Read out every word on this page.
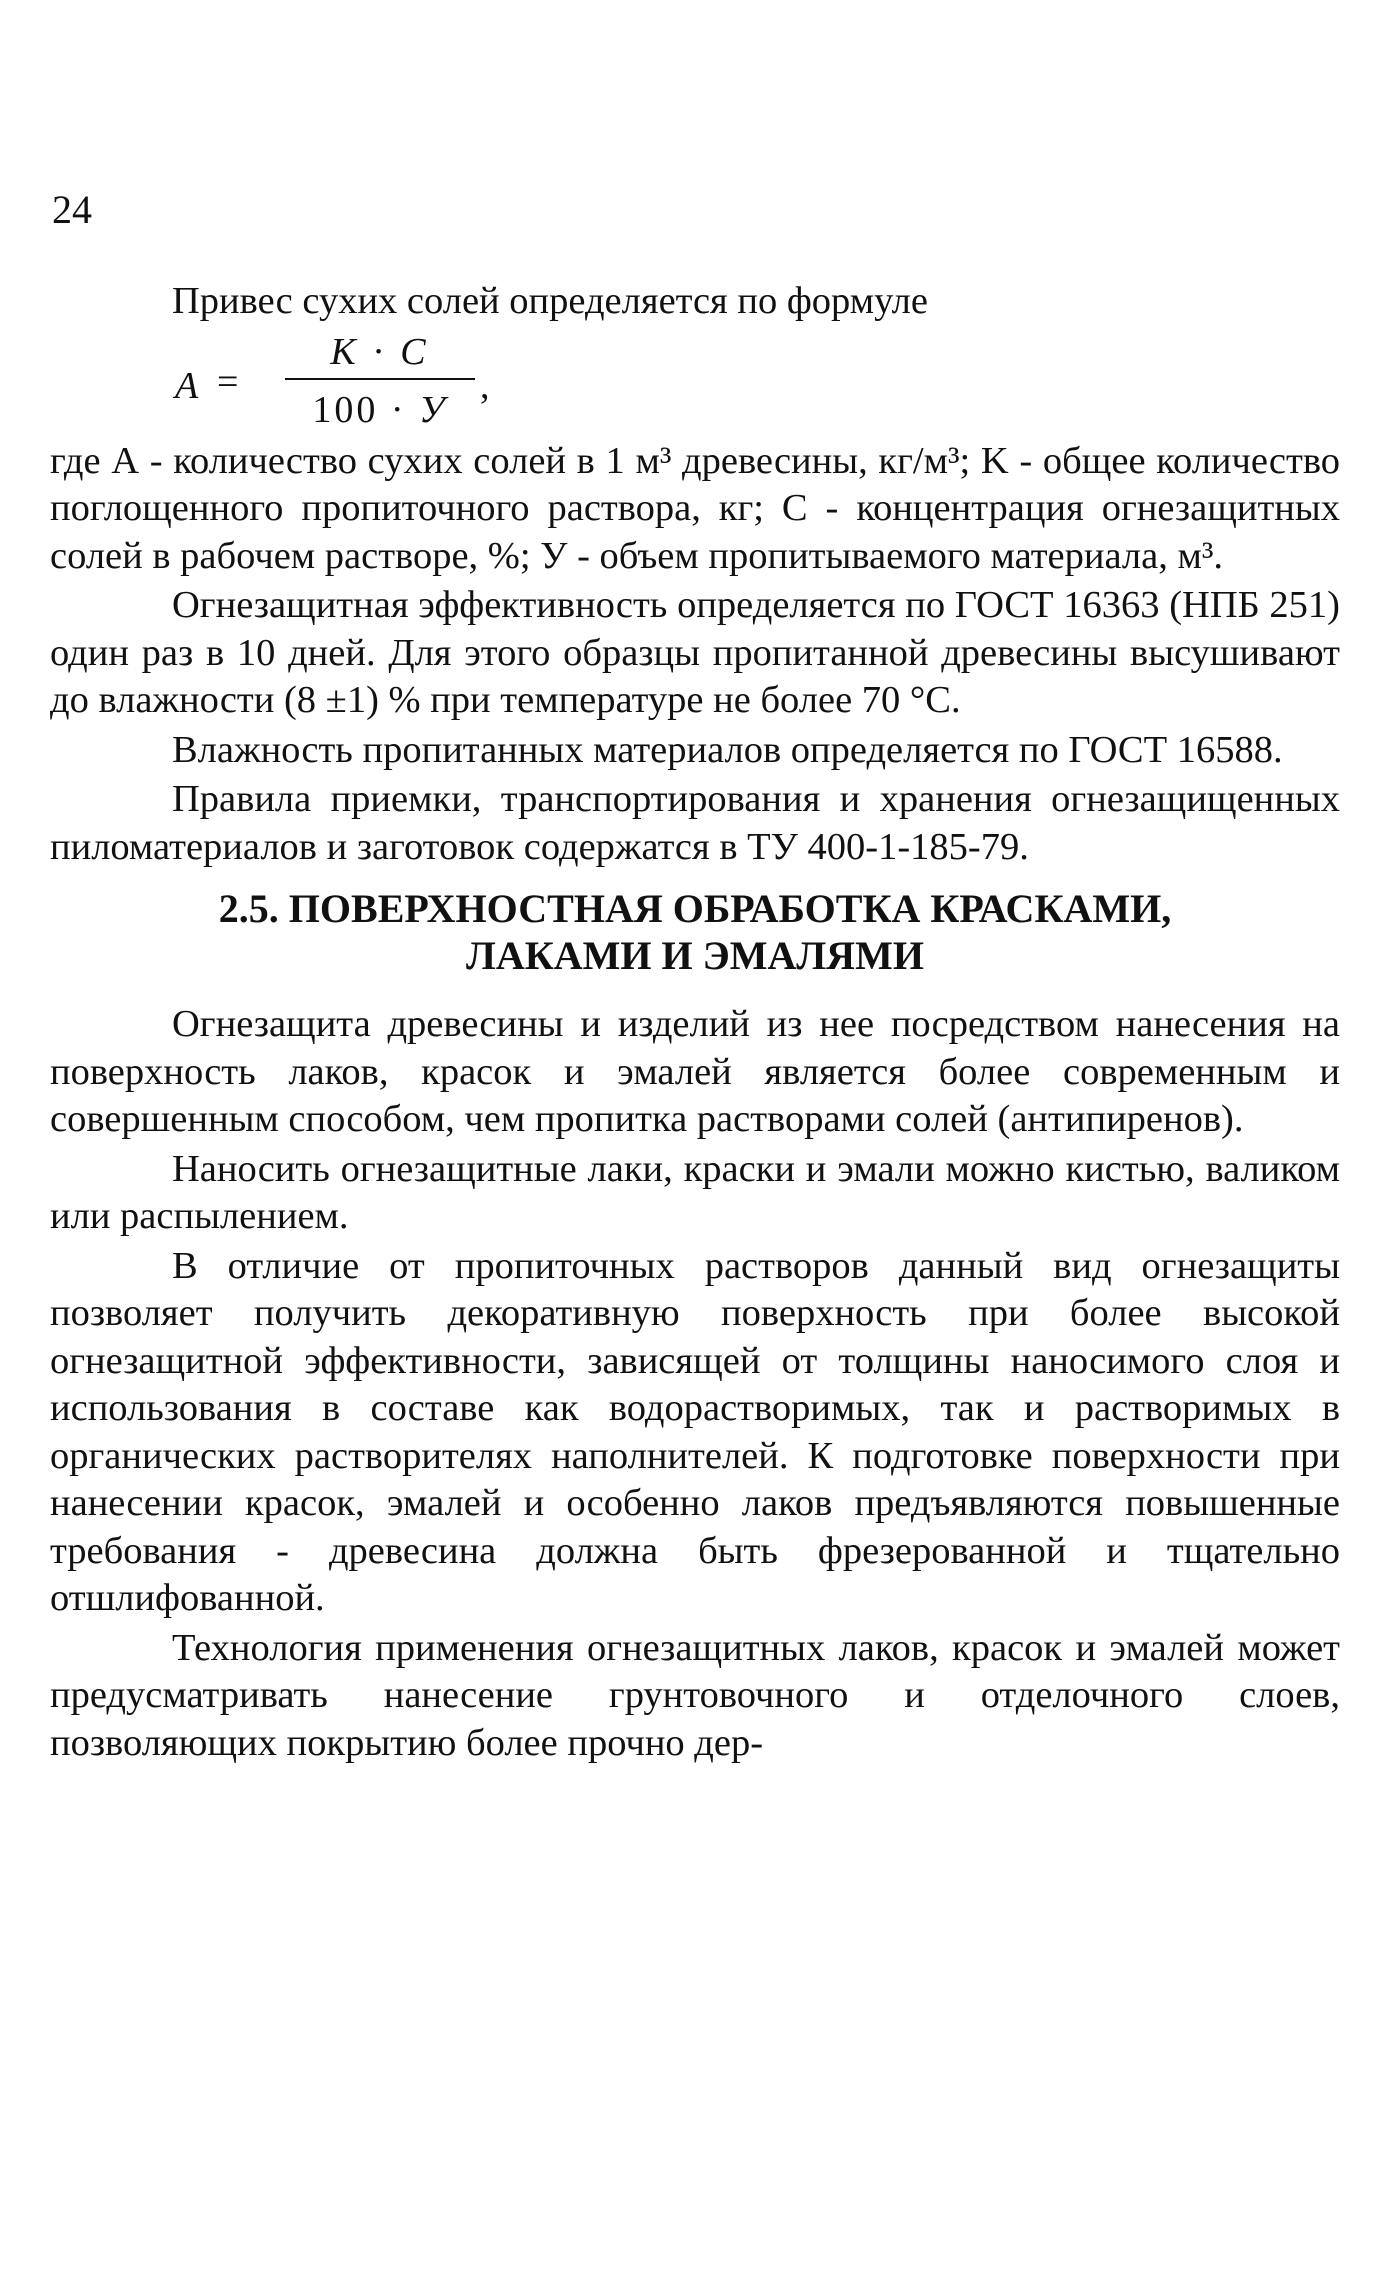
24

Привес сухих солей определяется по формуле

A =
K · C
100 · У
,

где А - количество сухих солей в 1 м³ древесины, кг/м³; K - общее количество поглощенного пропиточного раствора, кг; C - концентрация огнезащитных солей в рабочем растворе, %; У - объем пропитываемого материала, м³.

Огнезащитная эффективность определяется по ГОСТ 16363 (НПБ 251) один раз в 10 дней. Для этого образцы пропитанной древесины высушивают до влажности (8 ±1) % при температуре не более 70 °С.

Влажность пропитанных материалов определяется по ГОСТ 16588.

Правила приемки, транспортирования и хранения огнезащищенных пиломатериалов и заготовок содержатся в ТУ 400-1-185-79.

2.5. ПОВЕРХНОСТНАЯ ОБРАБОТКА КРАСКАМИ,
ЛАКАМИ И ЭМАЛЯМИ

Огнезащита древесины и изделий из нее посредством нанесения на поверхность лаков, красок и эмалей является более современным и совершенным способом, чем пропитка растворами солей (антипиренов).

Наносить огнезащитные лаки, краски и эмали можно кистью, валиком или распылением.

В отличие от пропиточных растворов данный вид огнезащиты позволяет получить декоративную поверхность при более высокой огнезащитной эффективности, зависящей от толщины наносимого слоя и использования в составе как водорастворимых, так и растворимых в органических растворителях наполнителей. К подготовке поверхности при нанесении красок, эмалей и особенно лаков предъявляются повышенные требования - древесина должна быть фрезерованной и тщательно отшлифованной.

Технология применения огнезащитных лаков, красок и эмалей может предусматривать нанесение грунтовочного и отделочного слоев, позволяющих покрытию более прочно дер-
